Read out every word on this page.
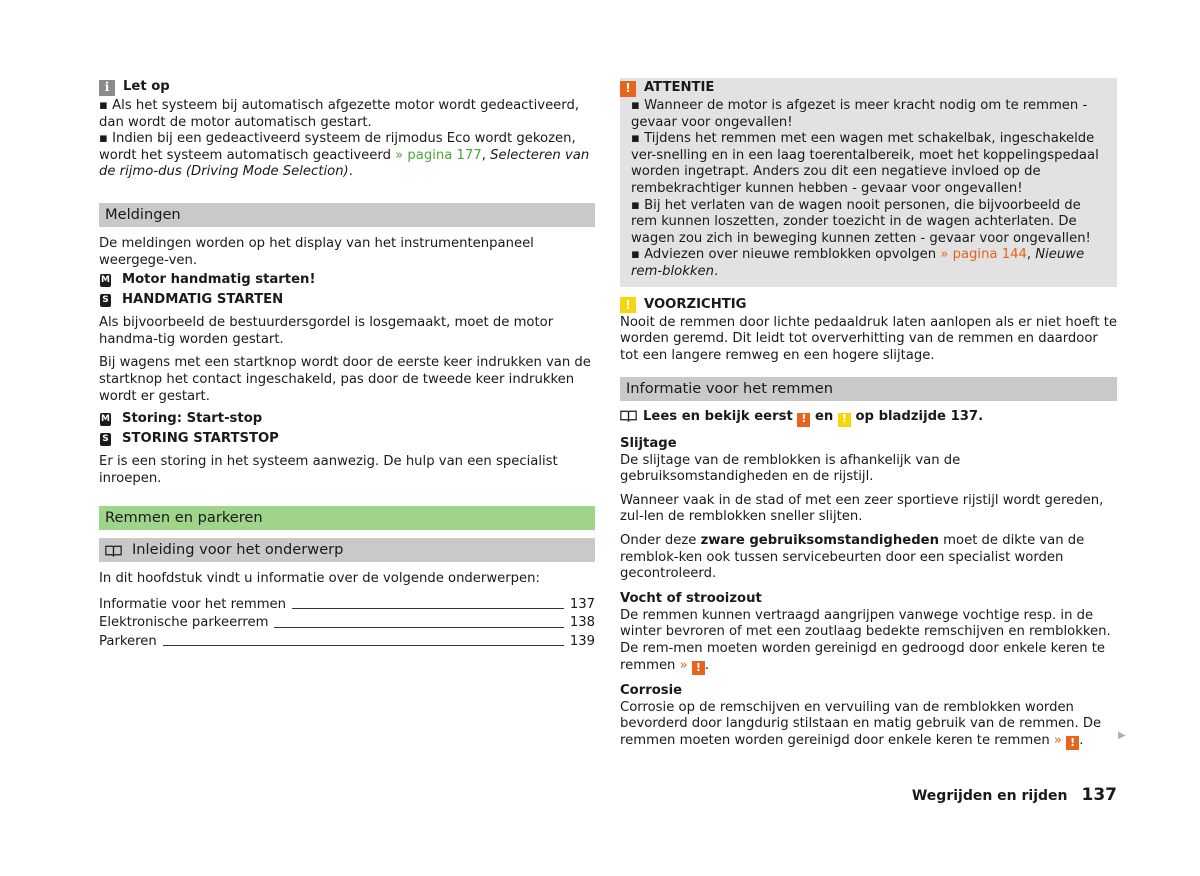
i	Let op

▪ Als het systeem bij automatisch afgezette motor wordt gedeactiveerd, dan wordt de motor automatisch gestart.

▪ Indien bij een gedeactiveerd systeem de rijmodus Eco wordt gekozen, wordt het systeem automatisch geactiveerd » pagina 177, Selecteren van de rijmo-dus (Driving Mode Selection).

Meldingen

De meldingen worden op het display van het instrumentenpaneel weergege-ven.

M Motor handmatig starten!
S HANDMATIG STARTEN

Als bijvoorbeeld de bestuurdersgordel is losgemaakt, moet de motor handma-tig worden gestart.

Bij wagens met een startknop wordt door de eerste keer indrukken van de startknop het contact ingeschakeld, pas door de tweede keer indrukken wordt er gestart.

M Storing: Start-stop
S STORING STARTSTOP

Er is een storing in het systeem aanwezig. De hulp van een specialist inroepen.

Remmen en parkeren
Inleiding voor het onderwerp

In dit hoofdstuk vindt u informatie over de volgende onderwerpen:

Informatie voor het remmen	137
Elektronische parkeerrem	138
Parkeren	139
!	ATTENTIE

▪ Wanneer de motor is afgezet is meer kracht nodig om te remmen - gevaar voor ongevallen!

▪ Tijdens het remmen met een wagen met schakelbak, ingeschakelde ver-snelling en in een laag toerentalbereik, moet het koppelingspedaal worden ingetrapt. Anders zou dit een negatieve invloed op de rembekrachtiger kunnen hebben - gevaar voor ongevallen!

▪ Bij het verlaten van de wagen nooit personen, die bijvoorbeeld de rem kunnen loszetten, zonder toezicht in de wagen achterlaten. De wagen zou zich in beweging kunnen zetten - gevaar voor ongevallen!

▪ Adviezen over nieuwe remblokken opvolgen » pagina 144, Nieuwe rem-blokken.

!	VOORZICHTIG

Nooit de remmen door lichte pedaaldruk laten aanlopen als er niet hoeft te worden geremd. Dit leidt tot oververhitting van de remmen en daardoor tot een langere remweg en een hogere slijtage.

Informatie voor het remmen

Lees en bekijk eerst ! en ! op bladzijde 137.

Slijtage

De slijtage van de remblokken is afhankelijk van de gebruiksomstandigheden en de rijstijl.

Wanneer vaak in de stad of met een zeer sportieve rijstijl wordt gereden, zul-len de remblokken sneller slijten.

Onder deze zware gebruiksomstandigheden moet de dikte van de remblok-ken ook tussen servicebeurten door een specialist worden gecontroleerd.

Vocht of strooizout

De remmen kunnen vertraagd aangrijpen vanwege vochtige resp. in de winter bevroren of met een zoutlaag bedekte remschijven en remblokken. De rem-men moeten worden gereinigd en gedroogd door enkele keren te remmen » ! .

Corrosie

Corrosie op de remschijven en vervuiling van de remblokken worden bevorderd door langdurig stilstaan en matig gebruik van de remmen. De remmen moeten worden gereinigd door enkele keren te remmen » ! .	▶
Wegrijden en rijden 137
